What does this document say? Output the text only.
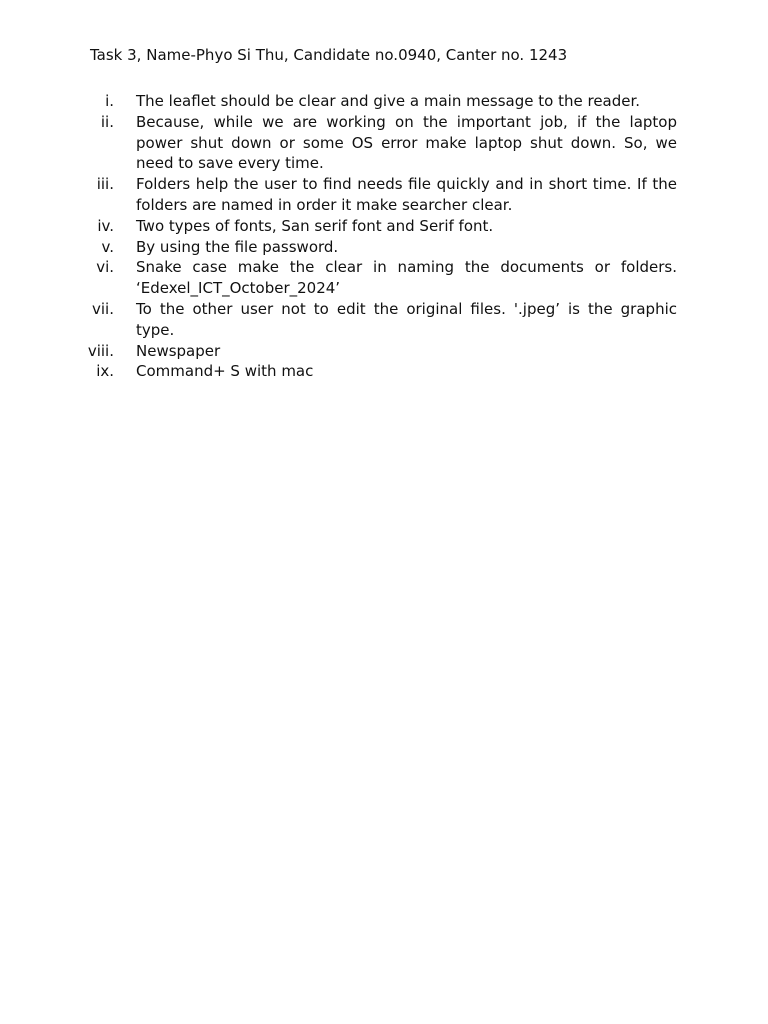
Task 3, Name-Phyo Si Thu, Candidate no.0940, Canter no. 1243
i.	The leaflet should be clear and give a main message to the reader.
ii.	Because, while we are working on the important job, if the laptop power shut down or some OS error make laptop shut down. So, we need to save every time.
iii.	Folders help the user to find needs file quickly and in short time. If the folders are named in order it make searcher clear.
iv.	Two types of fonts, San serif font and Serif font.
v.	By using the file password.
vi.	Snake case make the clear in naming the documents or folders. ‘Edexel_ICT_October_2024’
vii.	To the other user not to edit the original files. '.jpeg’ is the graphic type.
viii.	Newspaper
ix.	Command+ S with mac
